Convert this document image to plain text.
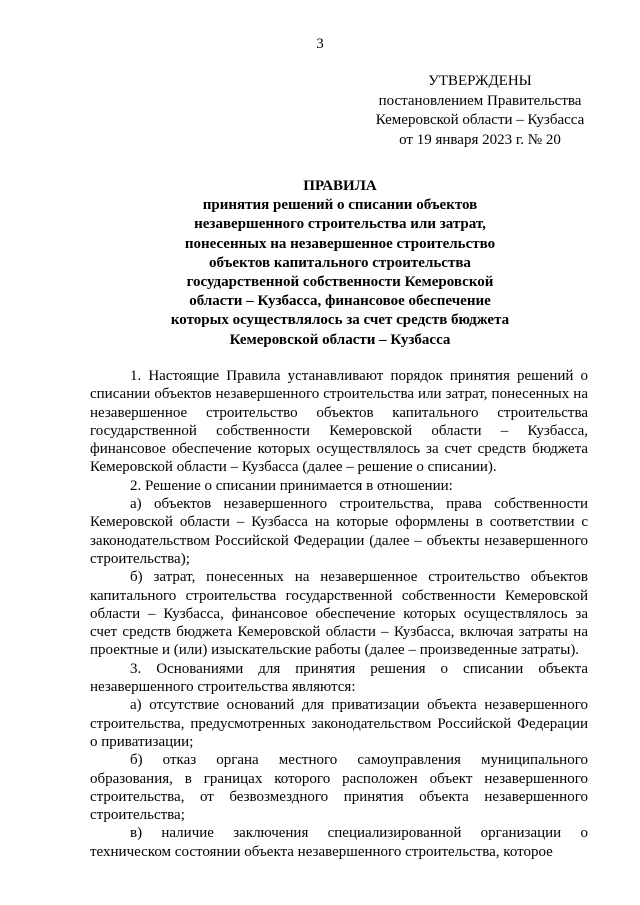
3
УТВЕРЖДЕНЫ
постановлением Правительства
Кемеровской области – Кузбасса
от 19 января 2023 г. № 20
ПРАВИЛА
принятия решений о списании объектов
незавершенного строительства или затрат,
понесенных на незавершенное строительство
объектов капитального строительства
государственной собственности Кемеровской
области – Кузбасса, финансовое обеспечение
которых осуществлялось за счет средств бюджета
Кемеровской области – Кузбасса

1. Настоящие Правила устанавливают порядок принятия решений о списании объектов незавершенного строительства или затрат, понесенных на незавершенное строительство объектов капитального строительства государственной собственности Кемеровской области – Кузбасса, финансовое обеспечение которых осуществлялось за счет средств бюджета Кемеровской области – Кузбасса (далее – решение о списании).

2. Решение о списании принимается в отношении:

а) объектов незавершенного строительства, права собственности Кемеровской области – Кузбасса на которые оформлены в соответствии с законодательством Российской Федерации (далее – объекты незавершенного строительства);

б) затрат, понесенных на незавершенное строительство объектов капитального строительства государственной собственности Кемеровской области – Кузбасса, финансовое обеспечение которых осуществлялось за счет средств бюджета Кемеровской области – Кузбасса, включая затраты на проектные и (или) изыскательские работы (далее – произведенные затраты).

3. Основаниями для принятия решения о списании объекта незавершенного строительства являются:

а) отсутствие оснований для приватизации объекта незавершенного строительства, предусмотренных законодательством Российской Федерации о приватизации;

б) отказ органа местного самоуправления муниципального образования, в границах которого расположен объект незавершенного строительства, от безвозмездного принятия объекта незавершенного строительства;

в) наличие заключения специализированной организации о техническом состоянии объекта незавершенного строительства, которое
